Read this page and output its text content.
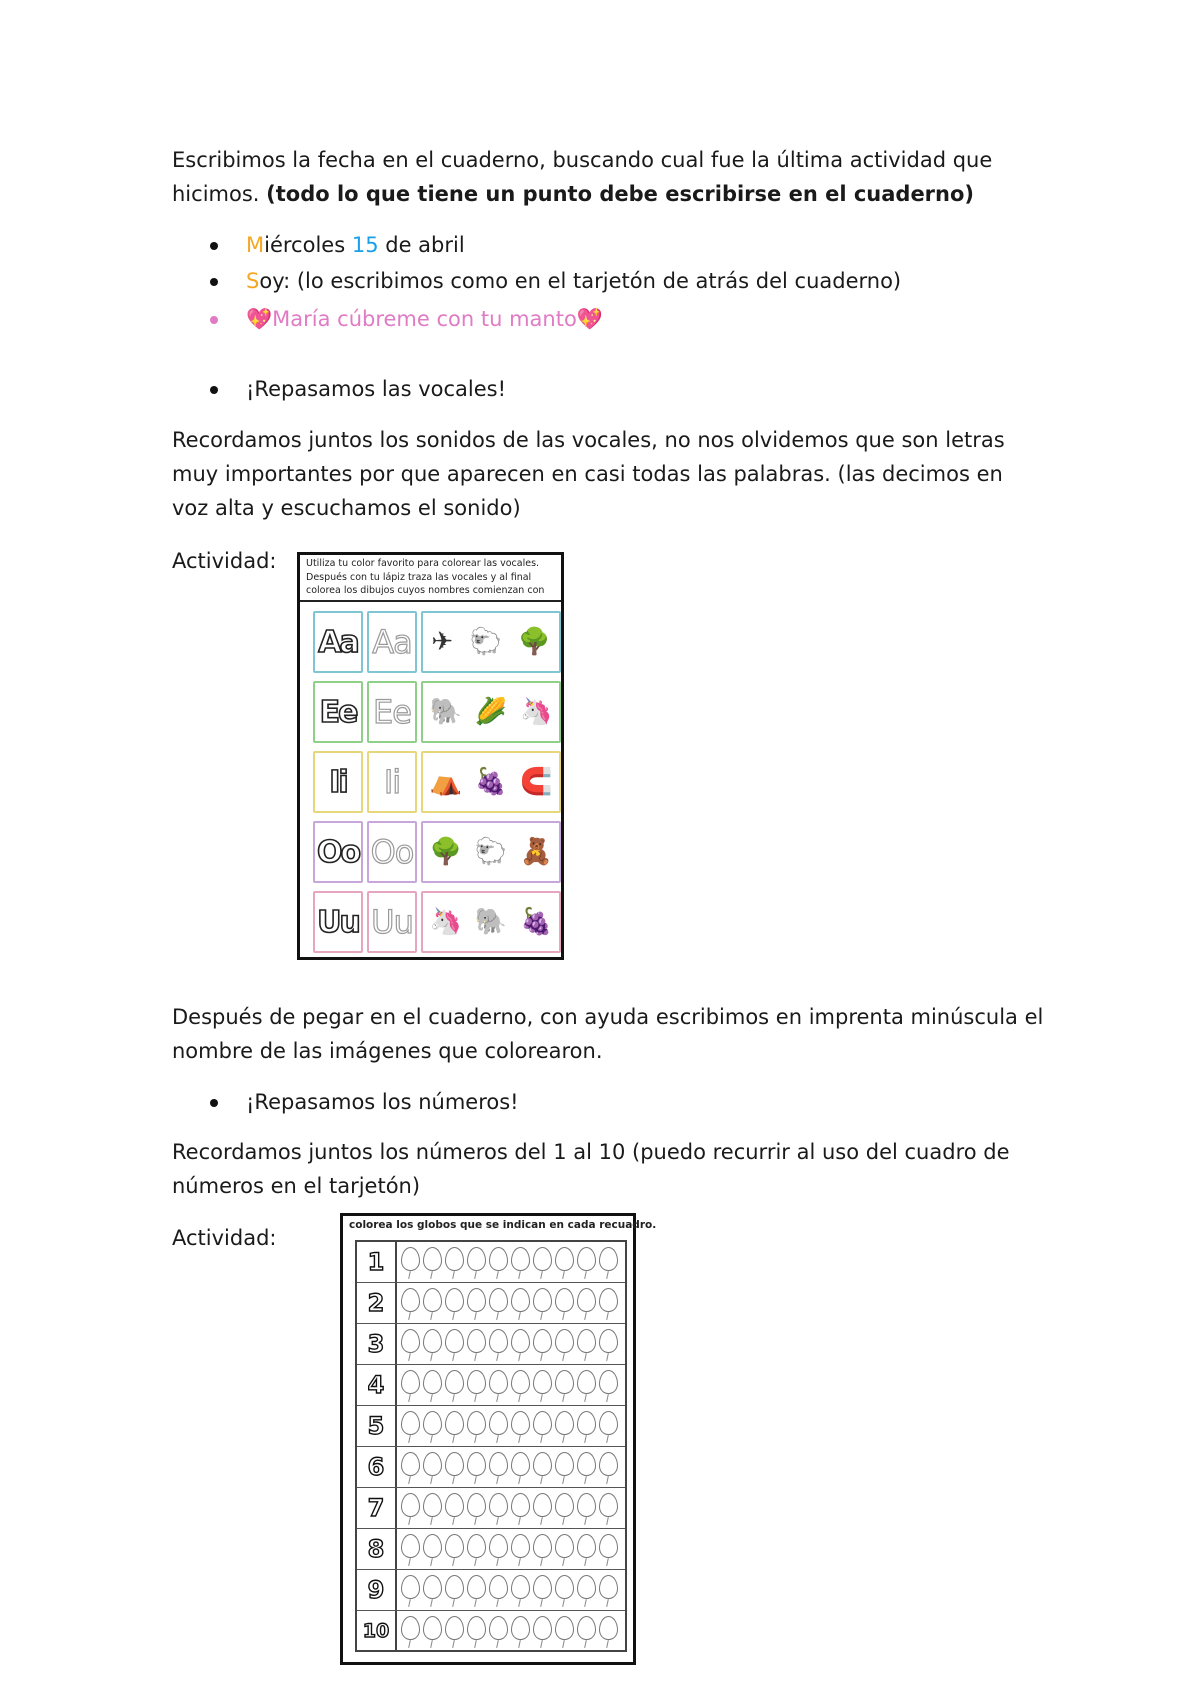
Escribimos la fecha en el cuaderno, buscando cual fue la última actividad que
hicimos. (todo lo que tiene un punto debe escribirse en el cuaderno)

Miércoles 15 de abril
Soy: (lo escribimos como en el tarjetón de atrás del cuaderno)
💖María cúbreme con tu manto💖
¡Repasamos las vocales!

Recordamos juntos los sonidos de las vocales, no nos olvidemos que son letras
muy importantes por que aparecen en casi todas las palabras. (las decimos en
voz alta y escuchamos el sonido)

Actividad:	Utiliza tu color favorito para colorear las vocales.
Después con tu lápiz traza las vocales y al final
colorea los dibujos cuyos nombres comienzan con
Aa Aa ✈ 🐑 🌳
Ee Ee 🐘 🌽 🦄
Ii	Ii	⛺ 🍇 🧲
Oo Oo 🌳 🐑 🧸
Uu Uu 🦄 🐘 🍇

Después de pegar en el cuaderno, con ayuda escribimos en imprenta minúscula el
nombre de las imágenes que colorearon.

¡Repasamos los números!

Recordamos juntos los números del 1 al 10 (puedo recurrir al uso del cuadro de
números en el tarjetón)

Actividad:

colorea los globos que se indican en cada recuadro.
1
2
3
4
5
6
7
8
9
10
